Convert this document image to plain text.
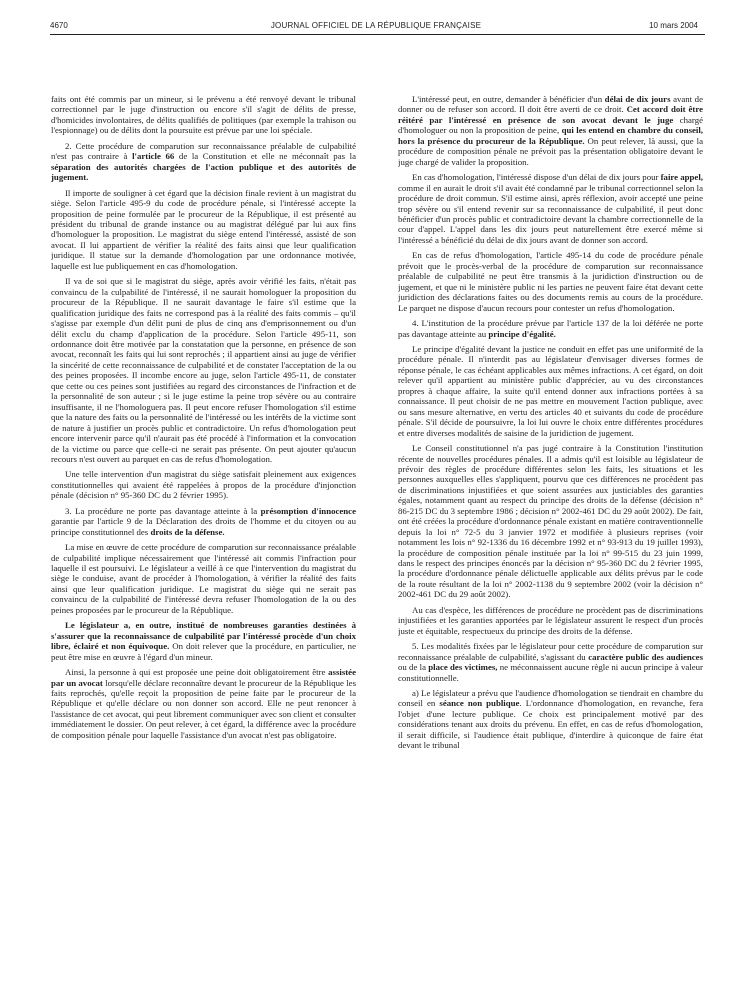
4670	JOURNAL OFFICIEL DE LA RÉPUBLIQUE FRANÇAISE	10 mars 2004

faits ont été commis par un mineur, si le prévenu a été renvoyé devant le tribunal correctionnel par le juge d'instruction ou encore s'il s'agit de délits de presse, d'homicides involontaires, de délits qualifiés de politiques (par exemple la trahison ou l'espionnage) ou de délits dont la poursuite est prévue par une loi spéciale.

2. Cette procédure de comparution sur reconnaissance préalable de culpabilité n'est pas contraire à l'article 66 de la Constitution et elle ne méconnaît pas la séparation des autorités chargées de l'action publique et des autorités de jugement.

Il importe de souligner à cet égard que la décision finale revient à un magistrat du siège. Selon l'article 495-9 du code de procédure pénale, si l'intéressé accepte la proposition de peine formulée par le procureur de la République, il est présenté au président du tribunal de grande instance ou au magistrat délégué par lui aux fins d'homologuer la proposition. Le magistrat du siège entend l'intéressé, assisté de son avocat. Il lui appartient de vérifier la réalité des faits ainsi que leur qualification juridique. Il statue sur la demande d'homologation par une ordonnance motivée, laquelle est lue publiquement en cas d'homologation.

Il va de soi que si le magistrat du siège, après avoir vérifié les faits, n'était pas convaincu de la culpabilité de l'intéressé, il ne saurait homologuer la proposition du procureur de la République. Il ne saurait davantage le faire s'il estime que la qualification juridique des faits ne correspond pas à la réalité des faits commis – qu'il s'agisse par exemple d'un délit puni de plus de cinq ans d'emprisonnement ou d'un délit exclu du champ d'application de la procédure. Selon l'article 495-11, son ordonnance doit être motivée par la constatation que la personne, en présence de son avocat, reconnaît les faits qui lui sont reprochés ; il appartient ainsi au juge de vérifier la sincérité de cette reconnaissance de culpabilité et de constater l'acceptation de la ou des peines proposées. Il incombe encore au juge, selon l'article 495-11, de constater que cette ou ces peines sont justifiées au regard des circonstances de l'infraction et de la personnalité de son auteur ; si le juge estime la peine trop sévère ou au contraire insuffisante, il ne l'homologuera pas. Il peut encore refuser l'homologation s'il estime que la nature des faits ou la personnalité de l'intéressé ou les intérêts de la victime sont de nature à justifier un procès public et contradictoire. Un refus d'homologation peut encore intervenir parce qu'il n'aurait pas été procédé à l'information et la convocation de la victime ou parce que celle-ci ne serait pas présente. On peut ajouter qu'aucun recours n'est ouvert au parquet en cas de refus d'homologation.

Une telle intervention d'un magistrat du siège satisfait pleinement aux exigences constitutionnelles qui avaient été rappelées à propos de la procédure d'injonction pénale (décision n° 95-360 DC du 2 février 1995).

3. La procédure ne porte pas davantage atteinte à la présomption d'innocence garantie par l'article 9 de la Déclaration des droits de l'homme et du citoyen ou au principe constitutionnel des droits de la défense.

La mise en œuvre de cette procédure de comparution sur reconnaissance préalable de culpabilité implique nécessairement que l'intéressé ait commis l'infraction pour laquelle il est poursuivi. Le législateur a veillé à ce que l'intervention du magistrat du siège le conduise, avant de procéder à l'homologation, à vérifier la réalité des faits ainsi que leur qualification juridique. Le magistrat du siège qui ne serait pas convaincu de la culpabilité de l'intéressé devra refuser l'homologation de la ou des peines proposées par le procureur de la République.

Le législateur a, en outre, institué de nombreuses garanties destinées à s'assurer que la reconnaissance de culpabilité par l'intéressé procède d'un choix libre, éclairé et non équivoque. On doit relever que la procédure, en particulier, ne peut être mise en œuvre à l'égard d'un mineur.

Ainsi, la personne à qui est proposée une peine doit obligatoirement être assistée par un avocat lorsqu'elle déclare reconnaître devant le procureur de la République les faits reprochés, qu'elle reçoit la proposition de peine faite par le procureur de la République et qu'elle déclare ou non donner son accord. Elle ne peut renoncer à l'assistance de cet avocat, qui peut librement communiquer avec son client et consulter immédiatement le dossier. On peut relever, à cet égard, la différence avec la procédure de composition pénale pour laquelle l'assistance d'un avocat n'est pas obligatoire.

L'intéressé peut, en outre, demander à bénéficier d'un délai de dix jours avant de donner ou de refuser son accord. Il doit être averti de ce droit. Cet accord doit être réitéré par l'intéressé en présence de son avocat devant le juge chargé d'homologuer ou non la proposition de peine, qui les entend en chambre du conseil, hors la présence du procureur de la République. On peut relever, là aussi, que la procédure de composition pénale ne prévoit pas la présentation obligatoire devant le juge chargé de valider la proposition.

En cas d'homologation, l'intéressé dispose d'un délai de dix jours pour faire appel, comme il en aurait le droit s'il avait été condamné par le tribunal correctionnel selon la procédure de droit commun. S'il estime ainsi, après réflexion, avoir accepté une peine trop sévère ou s'il entend revenir sur sa reconnaissance de culpabilité, il peut donc bénéficier d'un procès public et contradictoire devant la chambre correctionnelle de la cour d'appel. L'appel dans les dix jours peut naturellement être exercé même si l'intéressé a bénéficié du délai de dix jours avant de donner son accord.

En cas de refus d'homologation, l'article 495-14 du code de procédure pénale prévoit que le procès-verbal de la procédure de comparution sur reconnaissance préalable de culpabilité ne peut être transmis à la juridiction d'instruction ou de jugement, et que ni le ministère public ni les parties ne peuvent faire état devant cette juridiction des déclarations faites ou des documents remis au cours de la procédure. Le parquet ne dispose d'aucun recours pour contester un refus d'homologation.

4. L'institution de la procédure prévue par l'article 137 de la loi déférée ne porte pas davantage atteinte au principe d'égalité.

Le principe d'égalité devant la justice ne conduit en effet pas une uniformité de la procédure pénale. Il n'interdit pas au législateur d'envisager diverses formes de réponse pénale, le cas échéant applicables aux mêmes infractions. A cet égard, on doit relever qu'il appartient au ministère public d'apprécier, au vu des circonstances propres à chaque affaire, la suite qu'il entend donner aux infractions portées à sa connaissance. Il peut choisir de ne pas mettre en mouvement l'action publique, avec ou sans mesure alternative, en vertu des articles 40 et suivants du code de procédure pénale. S'il décide de poursuivre, la loi lui ouvre le choix entre différentes procédures et entre diverses modalités de saisine de la juridiction de jugement.

Le Conseil constitutionnel n'a pas jugé contraire à la Constitution l'institution récente de nouvelles procédures pénales. Il a admis qu'il est loisible au législateur de prévoir des règles de procédure différentes selon les faits, les situations et les personnes auxquelles elles s'appliquent, pourvu que ces différences ne procèdent pas de discriminations injustifiées et que soient assurées aux justiciables des garanties égales, notamment quant au respect du principe des droits de la défense (décision n° 86-215 DC du 3 septembre 1986 ; décision n° 2002-461 DC du 29 août 2002). De fait, ont été créées la procédure d'ordonnance pénale existant en matière contraventionnelle depuis la loi n° 72-5 du 3 janvier 1972 et modifiée à plusieurs reprises (voir notamment les lois n° 92-1336 du 16 décembre 1992 et n° 93-913 du 19 juillet 1993), la procédure de composition pénale instituée par la loi n° 99-515 du 23 juin 1999, dans le respect des principes énoncés par la décision n° 95-360 DC du 2 février 1995, la procédure d'ordonnance pénale délictuelle applicable aux délits prévus par le code de la route résultant de la loi n° 2002-1138 du 9 septembre 2002 (voir la décision n° 2002-461 DC du 29 août 2002).

Au cas d'espèce, les différences de procédure ne procèdent pas de discriminations injustifiées et les garanties apportées par le législateur assurent le respect d'un procès juste et équitable, respectueux du principe des droits de la défense.

5. Les modalités fixées par le législateur pour cette procédure de comparution sur reconnaissance préalable de culpabilité, s'agissant du caractère public des audiences ou de la place des victimes, ne méconnaissent aucune règle ni aucun principe à valeur constitutionnelle.

a) Le législateur a prévu que l'audience d'homologation se tiendrait en chambre du conseil en séance non publique. L'ordonnance d'homologation, en revanche, fera l'objet d'une lecture publique. Ce choix est principalement motivé par des considérations tenant aux droits du prévenu. En effet, en cas de refus d'homologation, il serait difficile, si l'audience était publique, d'interdire à quiconque de faire état devant le tribunal
